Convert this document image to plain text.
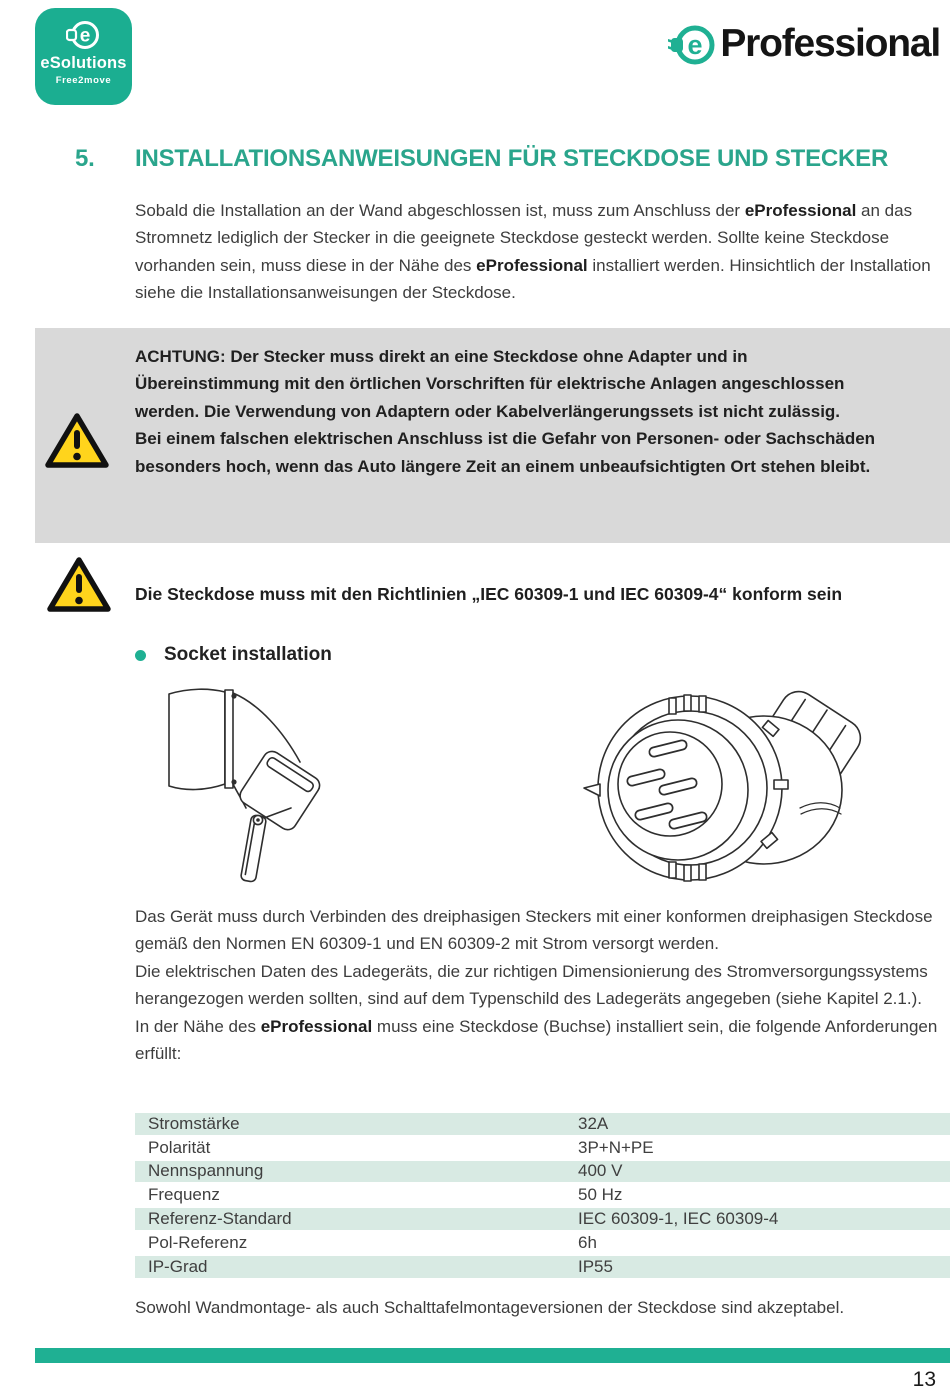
e
eSolutions
Free2move
e Professional
5.	INSTALLATIONSANWEISUNGEN FÜR STECKDOSE UND STECKER
Sobald die Installation an der Wand abgeschlossen ist, muss zum Anschluss der eProfessional an das Stromnetz lediglich der Stecker in die geeignete Steckdose gesteckt werden. Sollte keine Steckdose vorhanden sein, muss diese in der Nähe des eProfessional installiert werden. Hinsichtlich der Installation siehe die Installationsanweisungen der Steckdose.
ACHTUNG: Der Stecker muss direkt an eine Steckdose ohne Adapter und in Übereinstimmung mit den örtlichen Vorschriften für elektrische Anlagen angeschlossen werden. Die Verwendung von Adaptern oder Kabelverlängerungssets ist nicht zulässig.
Bei einem falschen elektrischen Anschluss ist die Gefahr von Personen- oder Sachschäden besonders hoch, wenn das Auto längere Zeit an einem unbeaufsichtigten Ort stehen bleibt.
Die Steckdose muss mit den Richtlinien „IEC 60309-1 und IEC 60309-4“ konform sein
Socket installation

Das Gerät muss durch Verbinden des dreiphasigen Steckers mit einer konformen dreiphasigen Steckdose gemäß den Normen EN 60309-1 und EN 60309-2 mit Strom versorgt werden.

Die elektrischen Daten des Ladegeräts, die zur richtigen Dimensionierung des Stromversorgungssystems herangezogen werden sollten, sind auf dem Typenschild des Ladegeräts angegeben (siehe Kapitel 2.1.).

In der Nähe des eProfessional muss eine Steckdose (Buchse) installiert sein, die folgende Anforderungen erfüllt:

Stromstärke	32A
Polarität	3P+N+PE
Nennspannung	400 V
Frequenz	50 Hz
Referenz-Standard	IEC 60309-1, IEC 60309-4
Pol-Referenz	6h
IP-Grad	IP55
Sowohl Wandmontage- als auch Schalttafelmontageversionen der Steckdose sind akzeptabel.
13
